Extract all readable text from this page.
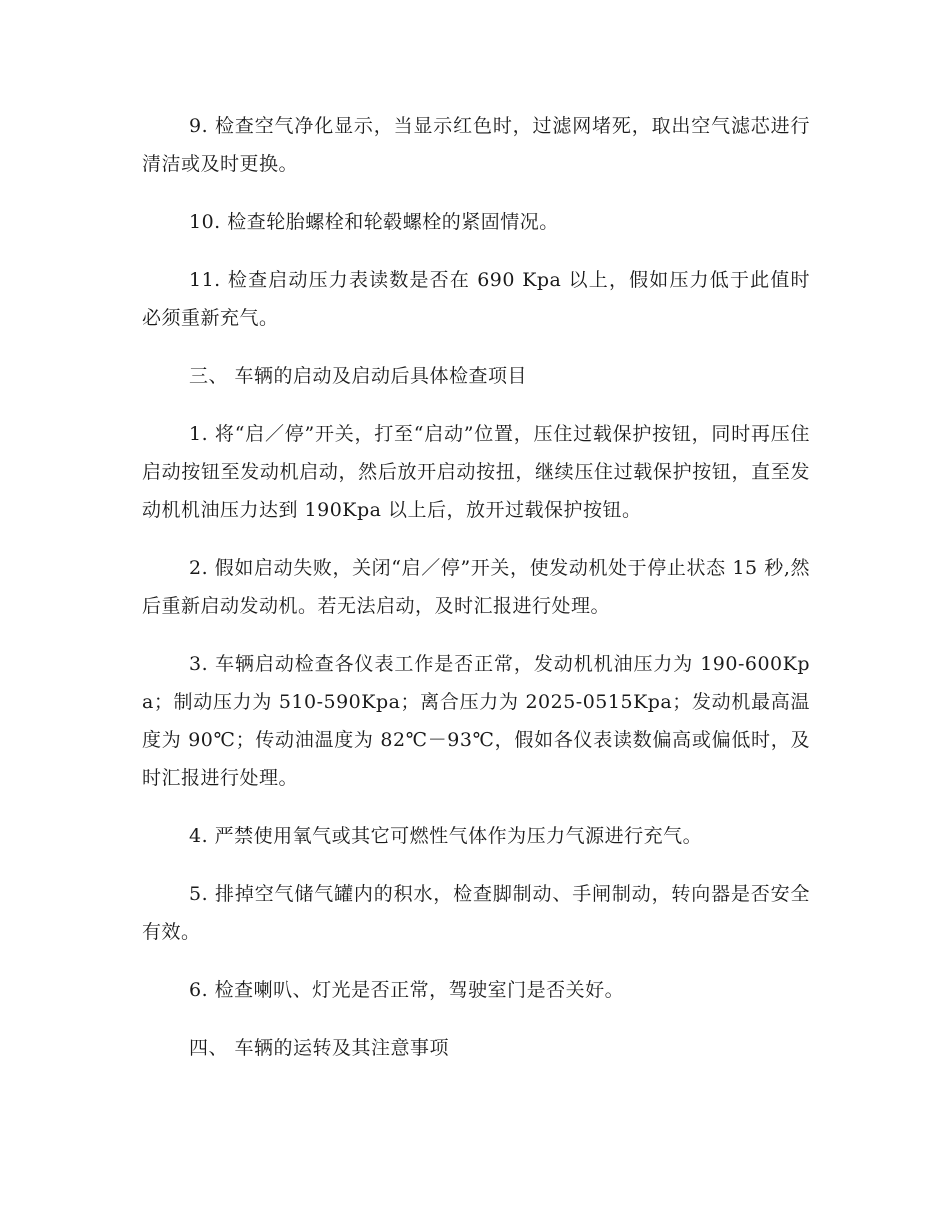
9. 检查空气净化显示，当显示红色时，过滤网堵死，取出空气滤芯进行清洁或及时更换。

10. 检查轮胎螺栓和轮毂螺栓的紧固情况。

11. 检查启动压力表读数是否在 690 Kpa 以上，假如压力低于此值时必须重新充气。

三、 车辆的启动及启动后具体检查项目

1. 将“启／停”开关，打至“启动”位置，压住过载保护按钮，同时再压住启动按钮至发动机启动，然后放开启动按扭，继续压住过载保护按钮，直至发动机机油压力达到 190Kpa 以上后，放开过载保护按钮。

2. 假如启动失败，关闭“启／停”开关，使发动机处于停止状态 15 秒,然后重新启动发动机。若无法启动，及时汇报进行处理。

3. 车辆启动检查各仪表工作是否正常，发动机机油压力为 190-600Kpa；制动压力为 510-590Kpa；离合压力为 2025-0515Kpa；发动机最高温度为 90℃；传动油温度为 82℃－93℃，假如各仪表读数偏高或偏低时，及时汇报进行处理。

4. 严禁使用氧气或其它可燃性气体作为压力气源进行充气。

5. 排掉空气储气罐内的积水，检查脚制动、手闸制动，转向器是否安全有效。

6. 检查喇叭、灯光是否正常，驾驶室门是否关好。

四、 车辆的运转及其注意事项
